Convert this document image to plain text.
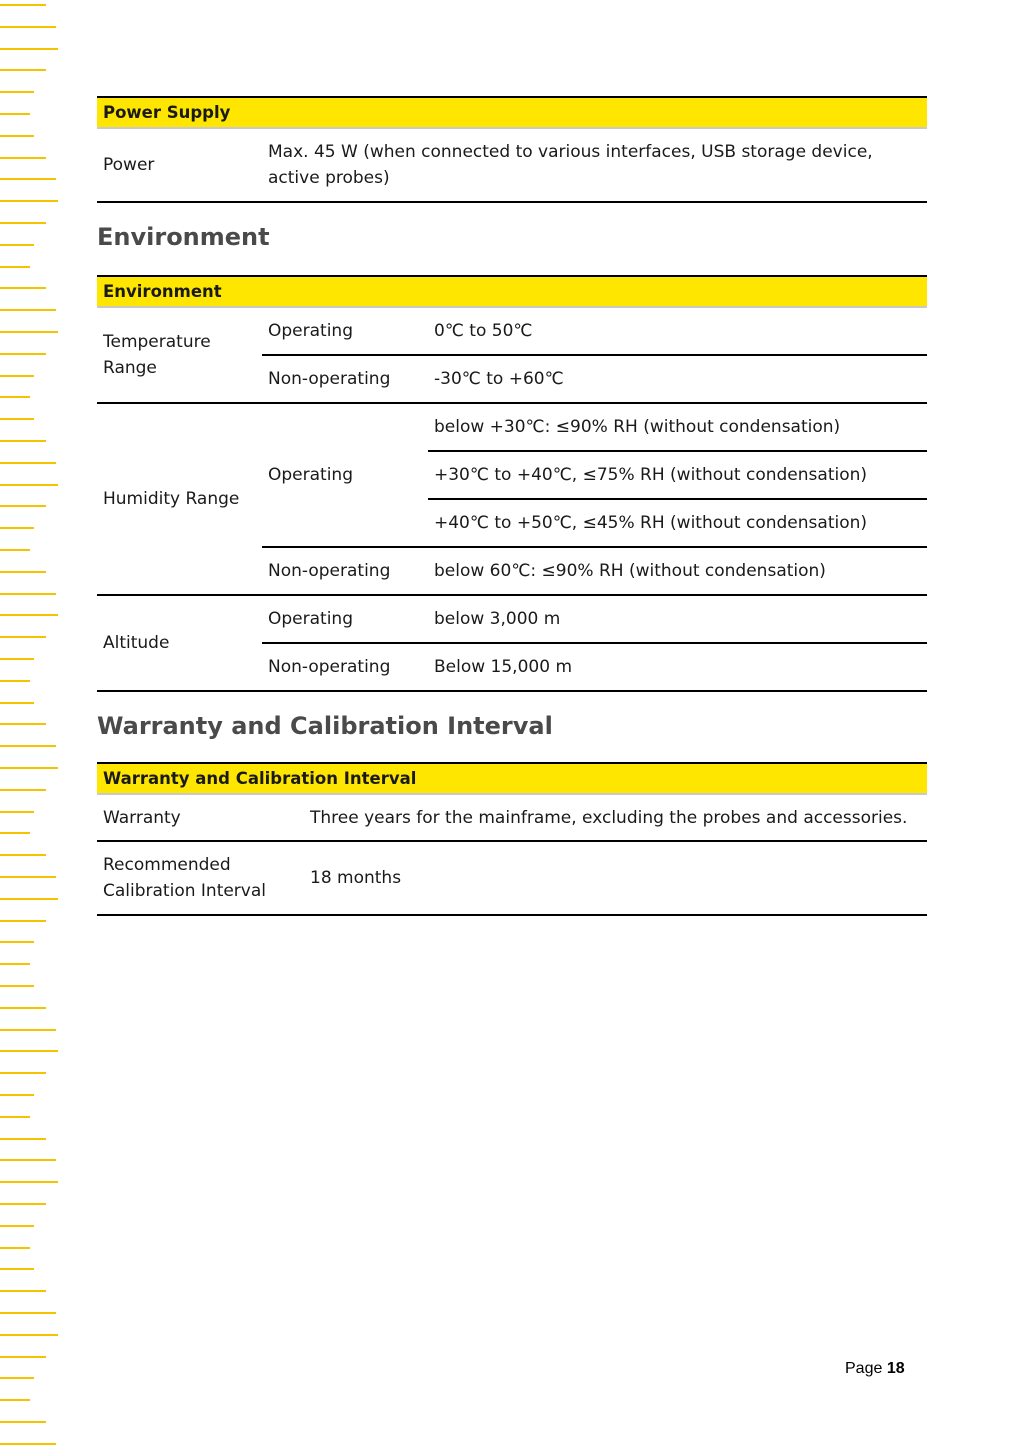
Power Supply
Power	Max. 45 W (when connected to various interfaces, USB storage device, active probes)
Environment
Environment		
Temperature Range	Operating	0℃ to 50℃
	Non-operating	-30℃ to +60℃
Humidity Range	Operating	below +30℃: ≤90% RH (without condensation)
		+30℃ to +40℃, ≤75% RH (without condensation)
		+40℃ to +50℃, ≤45% RH (without condensation)
	Non-operating	below 60℃: ≤90% RH (without condensation)
Altitude	Operating	below 3,000 m
	Non-operating	Below 15,000 m
Warranty and Calibration Interval
Warranty and Calibration Interval	
Warranty	Three years for the mainframe, excluding the probes and accessories.
Recommended Calibration Interval	18 months
Page 18
